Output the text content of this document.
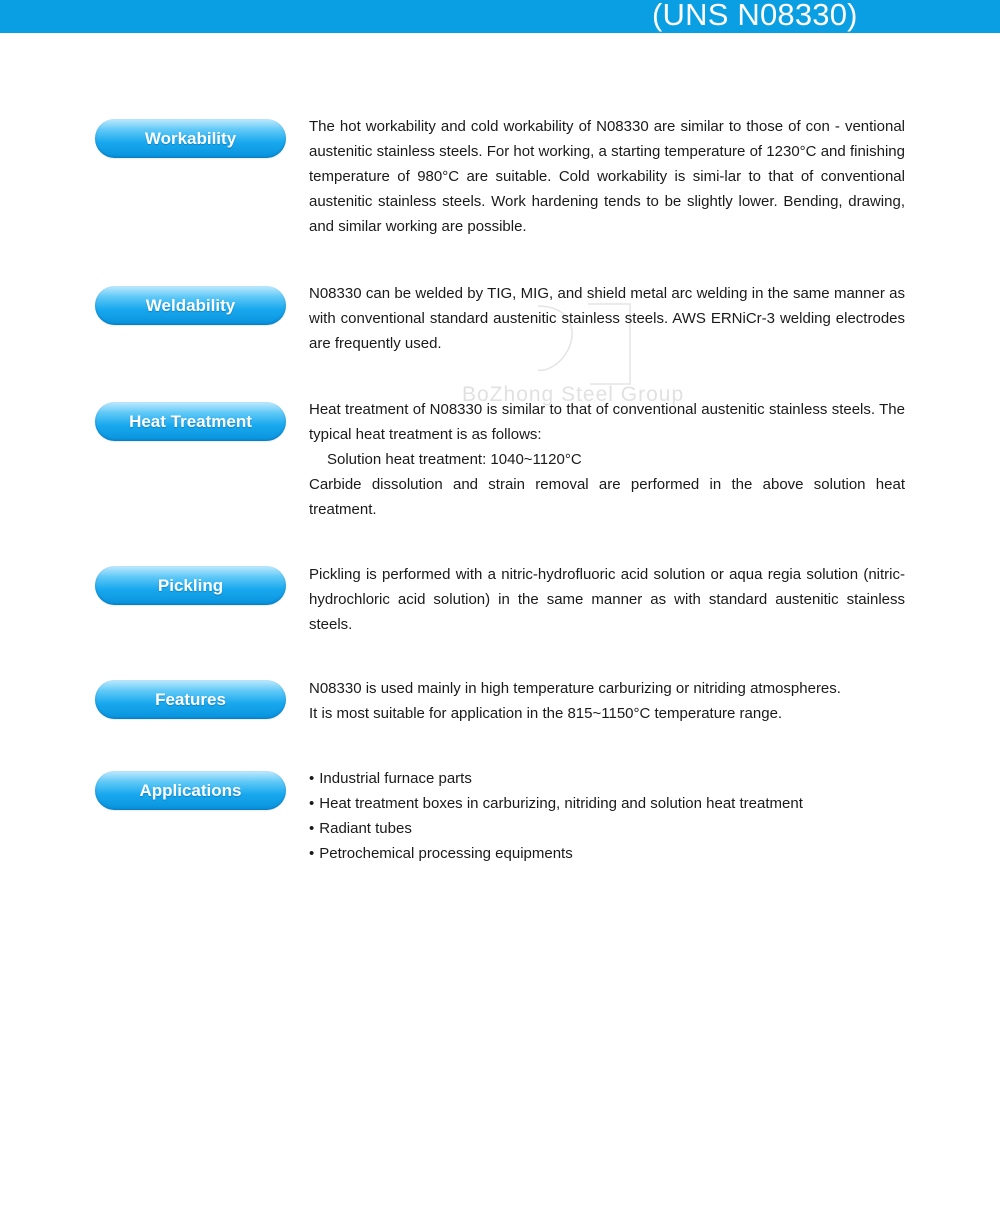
(UNS N08330)
BoZhong Steel Group
Workability

The hot workability and cold workability of N08330 are similar to those of con - ventional austenitic stainless steels. For hot working, a starting temperature of 1230°C and finishing temperature of 980°C are suitable. Cold workability is simi-lar to that of conventional austenitic stainless steels. Work hardening tends to be slightly lower. Bending, drawing, and similar working are possible.

Weldability

N08330 can be welded by TIG, MIG, and shield metal arc welding in the same manner as with conventional standard austenitic stainless steels. AWS ERNiCr-3 welding electrodes are frequently used.

Heat Treatment

Heat treatment of N08330 is similar to that of conventional austenitic stainless steels. The typical heat treatment is as follows:

Solution heat treatment: 1040~1120°C

Carbide dissolution and strain removal are performed in the above solution heat treatment.

Pickling

Pickling is performed with a nitric-hydrofluoric acid solution or aqua regia solution (nitric-hydrochloric acid solution) in the same manner as with standard austenitic stainless steels.

Features

N08330 is used mainly in high temperature carburizing or nitriding atmospheres.

It is most suitable for application in the 815~1150°C temperature range.

Applications
• Industrial furnace parts
• Heat treatment boxes in carburizing, nitriding and solution heat treatment
• Radiant tubes
• Petrochemical processing equipments
